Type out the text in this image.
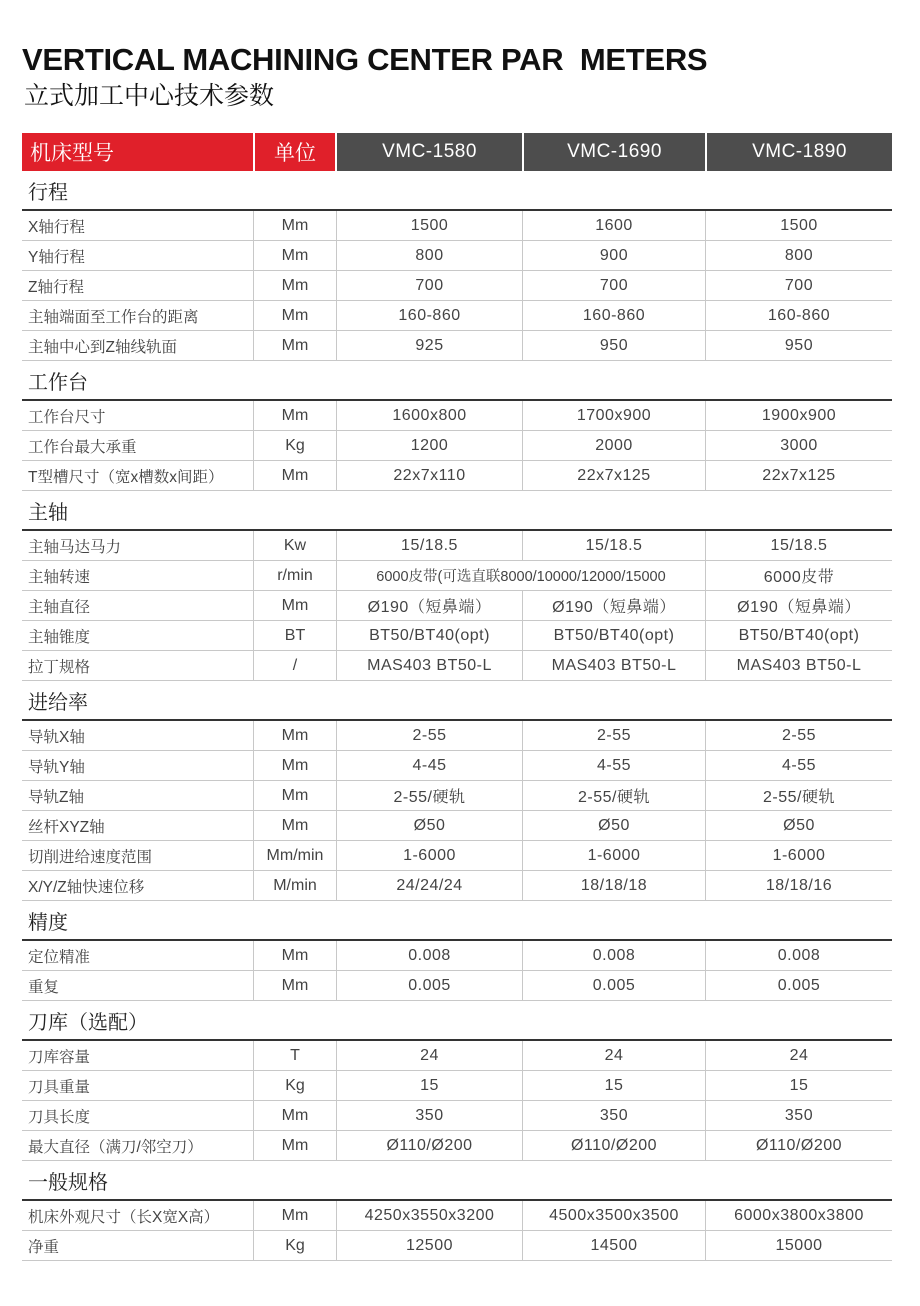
VERTICAL MACHINING CENTER PAR  METERS
立式加工中心技术参数
机床型号	单位	VMC-1580	VMC-1690	VMC-1890
行程
X轴行程	Mm	1500	1600	1500
Y轴行程	Mm	800	900	800
Z轴行程	Mm	700	700	700
主轴端面至工作台的距离	Mm	160-860	160-860	160-860
主轴中心到Z轴线轨面	Mm	925	950	950
工作台
工作台尺寸	Mm	1600x800	1700x900	1900x900
工作台最大承重	Kg	1200	2000	3000
T型槽尺寸（宽x槽数x间距）	Mm	22x7x110	22x7x125	22x7x125
主轴
主轴马达马力	Kw	15/18.5	15/18.5	15/18.5
主轴转速	r/min	6000皮带(可选直联8000/10000/12000/15000	6000皮带
主轴直径	Mm	Ø190（短鼻端）	Ø190（短鼻端）	Ø190（短鼻端）
主轴锥度	BT	BT50/BT40(opt)	BT50/BT40(opt)	BT50/BT40(opt)
拉丁规格	/	MAS403 BT50-L	MAS403 BT50-L	MAS403 BT50-L
进给率
导轨X轴	Mm	2-55	2-55	2-55
导轨Y轴	Mm	4-45	4-55	4-55
导轨Z轴	Mm	2-55/硬轨	2-55/硬轨	2-55/硬轨
丝杆XYZ轴	Mm	Ø50	Ø50	Ø50
切削进给速度范围	Mm/min	1-6000	1-6000	1-6000
X/Y/Z轴快速位移	M/min	24/24/24	18/18/18	18/18/16
精度
定位精准	Mm	0.008	0.008	0.008
重复	Mm	0.005	0.005	0.005
刀库（选配）
刀库容量	T	24	24	24
刀具重量	Kg	15	15	15
刀具长度	Mm	350	350	350
最大直径（满刀/邻空刀）	Mm	Ø110/Ø200	Ø110/Ø200	Ø110/Ø200
一般规格
机床外观尺寸（长X宽X高）	Mm	4250x3550x3200	4500x3500x3500	6000x3800x3800
净重	Kg	12500	14500	15000
